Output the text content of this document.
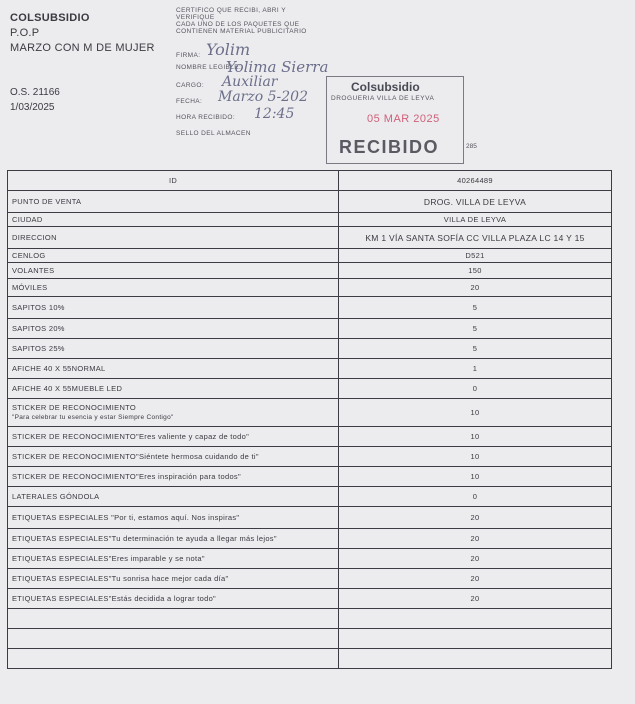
COLSUBSIDIO
P.O.P
MARZO CON M DE MUJER
O.S. 21166
1/03/2025
CERTIFICO QUE RECIBI, ABRI Y
VERIFIQUE
CADA UNO DE LOS PAQUETES QUE
CONTIENEN MATERIAL PUBLICITARIO
FIRMA:
NOMBRE LEGIBLE:
CARGO:
FECHA:
HORA RECIBIDO:
SELLO DEL ALMACEN
Yolim
Yolima Sierra
Auxiliar
Marzo 5-202
12:45
Colsubsidio
DROGUERIA VILLA DE LEYVA
05 MAR 2025
RECIBIDO	285
ID	40264489
PUNTO DE VENTA	DROG. VILLA DE LEYVA
CIUDAD	VILLA DE LEYVA
DIRECCION	KM 1 VÍA SANTA SOFÍA CC VILLA PLAZA LC 14 Y 15
CENLOG	D521
VOLANTES	150
MÓVILES	20
SAPITOS 10%	5
SAPITOS 20%	5
SAPITOS 25%	5
AFICHE 40 X 55NORMAL	1
AFICHE 40 X 55MUEBLE LED	0

STICKER DE RECONOCIMIENTO
"Para celebrar tu esencia y estar Siempre Contigo"	10
STICKER DE RECONOCIMIENTO"Eres valiente y capaz de todo"	10
STICKER DE RECONOCIMIENTO"Siéntete hermosa cuidando de ti"	10
STICKER DE RECONOCIMIENTO"Eres inspiración para todos"	10
LATERALES GÓNDOLA	0
ETIQUETAS ESPECIALES "Por ti, estamos aquí. Nos inspiras"	20
ETIQUETAS ESPECIALES"Tu determinación te ayuda a llegar más lejos"	20
ETIQUETAS ESPECIALES"Eres imparable y se nota"	20
ETIQUETAS ESPECIALES"Tu sonrisa hace mejor cada día"	20
ETIQUETAS ESPECIALES"Estás decidida a lograr todo"	20
